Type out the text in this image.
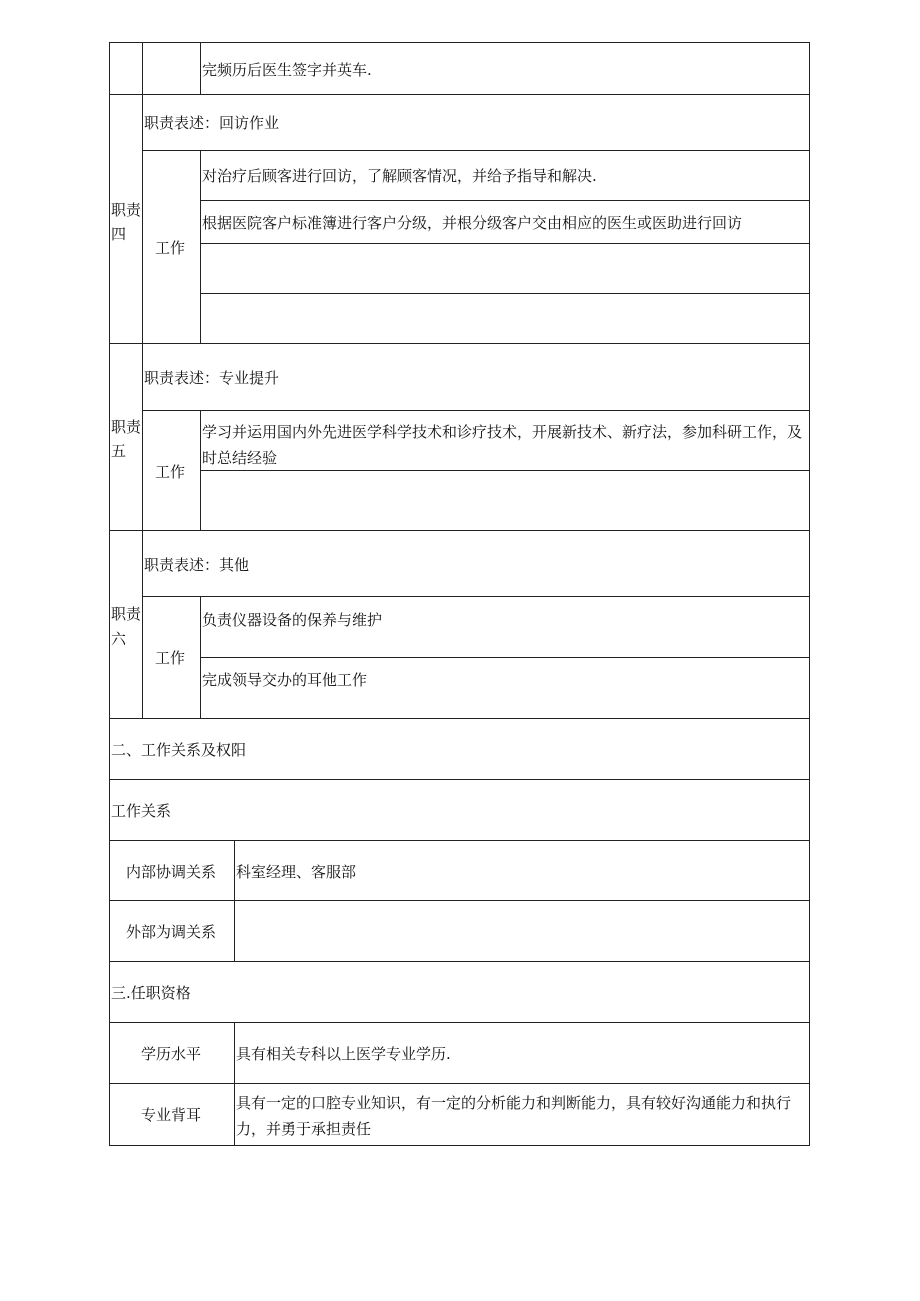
完频历后医生签字并英车.
职责
四
职责表述：回访作业
工作
对治疗后顾客进行回访，了解顾客情况，并给予指导和解决.
根据医院客户标准簿进行客户分级，并根分级客户交由相应的医生或医助进行回访
职责
五
职责表述：专业提升
工作
学习并运用国内外先进医学科学技术和诊疗技术，开展新技术、新疗法，参加科研工作，及时总结经验
职责
六
职责表述：其他
工作
负责仪器设备的保养与维护
完成领导交办的耳他工作
二、工作关系及权阳
工作关系
内部协调关系 科室经理、客服部
外部为调关系
三.任职资格
学历水平 具有相关专科以上医学专业学历.
专业背耳
具有一定的口腔专业知识，有一定的分析能力和判断能力，具有较好沟通能力和执行力，并勇于承担责任
